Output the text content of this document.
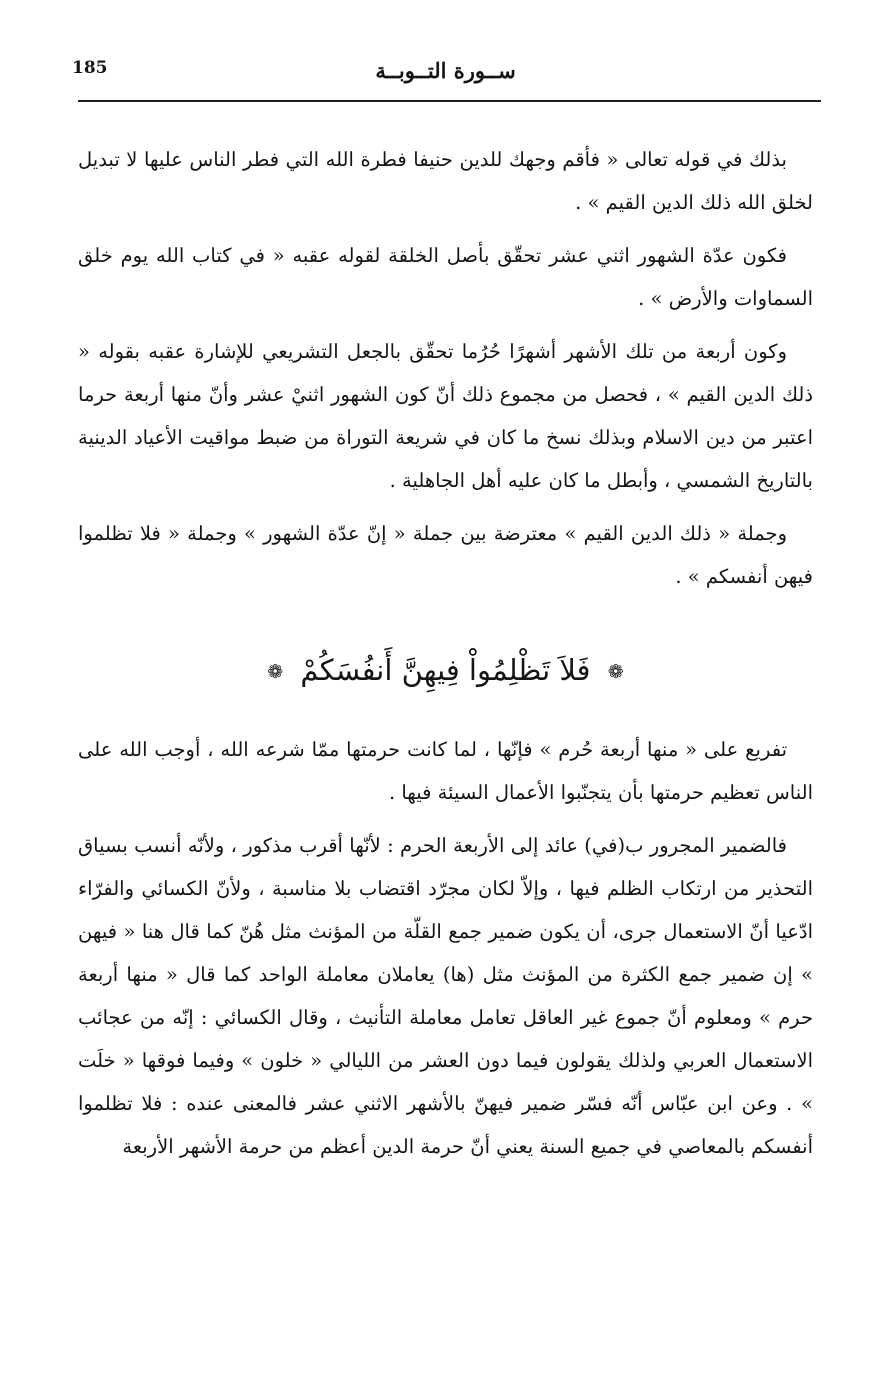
185	ســورة التــوبــة

بذلك في قوله تعالى « فأقم وجهك للدين حنيفا فطرة الله التي فطر الناس عليها لا تبديل لخلق الله ذلك الدين القيم » .

فكون عدّة الشهور اثني عشر تحقّق بأصل الخلقة لقوله عقبه « في كتاب الله يوم خلق السماوات والأرض » .

وكون أربعة من تلك الأشهر أشهرًا حُرُما تحقّق بالجعل التشريعي للإشارة عقبه بقوله « ذلك الدين القيم » ، فحصل من مجموع ذلك أنّ كون الشهور اثنيْ عشر وأنّ منها أربعة حرما اعتبر من دين الاسلام وبذلك نسخ ما كان في شريعة التوراة من ضبط مواقيت الأعياد الدينية بالتاريخ الشمسي ، وأبطل ما كان عليه أهل الجاهلية .

وجملة « ذلك الدين القيم » معترضة بين جملة « إنّ عدّة الشهور » وجملة « فلا تظلموا فيهن أنفسكم » .

❁ فَلاَ تَظْلِمُواْ فِيهِنَّ أَنفُسَكُمْ ❁

تفريع على « منها أربعة حُرم » فإنّها ، لما كانت حرمتها ممّا شرعه الله ، أوجب الله على الناس تعظيم حرمتها بأن يتجنّبوا الأعمال السيئة فيها .

فالضمير المجرور ب(في) عائد إلى الأربعة الحرم : لأنّها أقرب مذكور ، ولأنّه أنسب بسياق التحذير من ارتكاب الظلم فيها ، وإلاّ لكان مجرّد اقتضاب بلا مناسبة ، ولأنّ الكسائي والفرّاء ادّعيا أنّ الاستعمال جرى، أن يكون ضمير جمع القلّة من المؤنث مثل هُنّ كما قال هنا « فيهن » إن ضمير جمع الكثرة من المؤنث مثل (ها) يعاملان معاملة الواحد كما قال « منها أربعة حرم » ومعلوم أنّ جموع غير العاقل تعامل معاملة التأنيث ، وقال الكسائي : إنّه من عجائب الاستعمال العربي ولذلك يقولون فيما دون العشر من الليالي « خلون » وفيما فوقها « خلَت » . وعن ابن عبّاس أنّه فسّر ضمير فيهنّ بالأشهر الاثني عشر فالمعنى عنده : فلا تظلموا أنفسكم بالمعاصي في جميع السنة يعني أنّ حرمة الدين أعظم من حرمة الأشهر الأربعة
